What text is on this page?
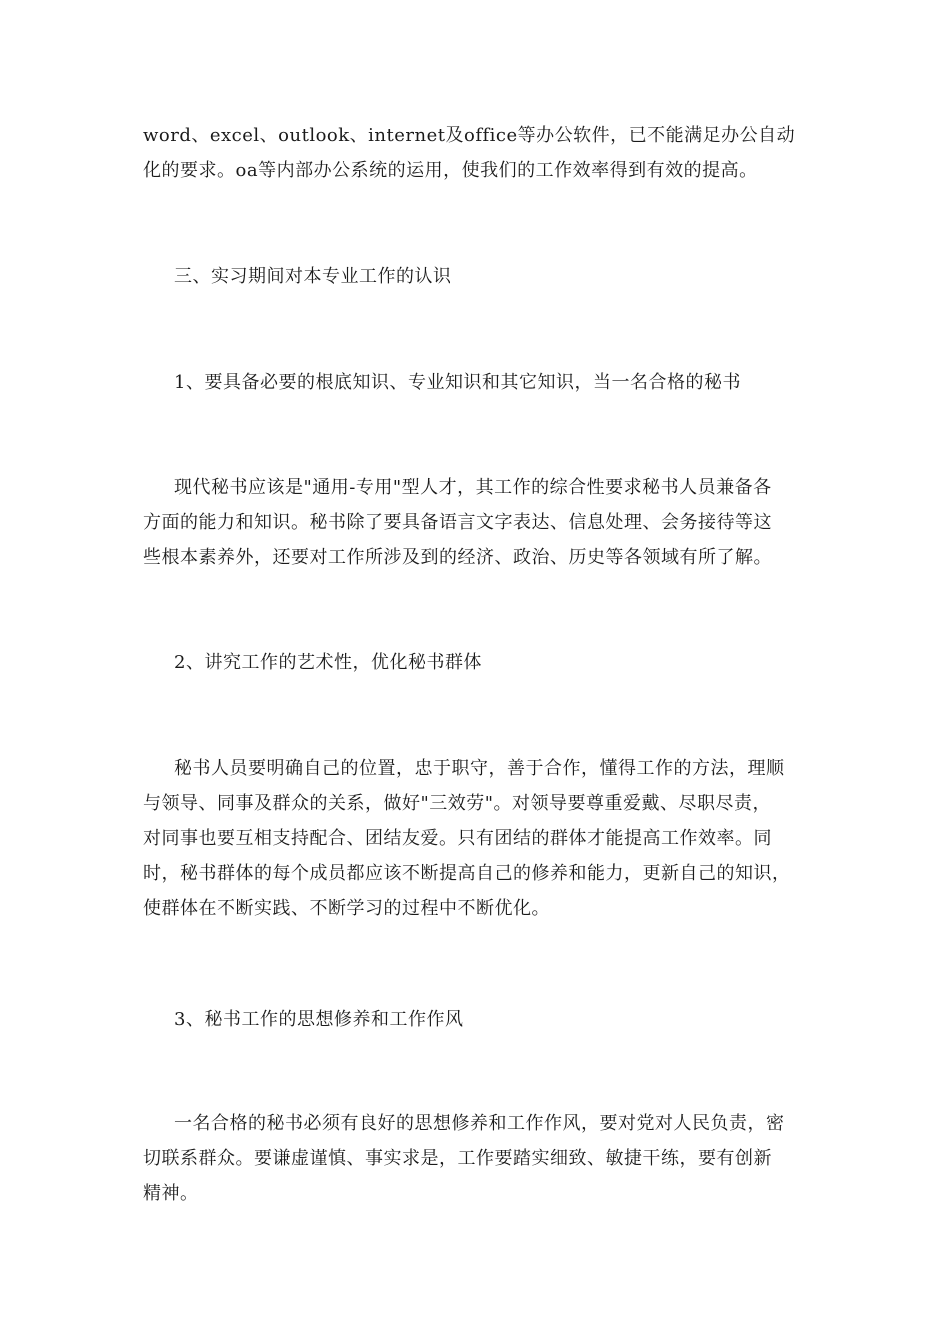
word、excel、outlook、internet及office等办公软件，已不能满足办公自动
化的要求。oa等内部办公系统的运用，使我们的工作效率得到有效的提高。
三、实习期间对本专业工作的认识
1、要具备必要的根底知识、专业知识和其它知识，当一名合格的秘书
现代秘书应该是"通用-专用"型人才，其工作的综合性要求秘书人员兼备各
方面的能力和知识。秘书除了要具备语言文字表达、信息处理、会务接待等这
些根本素养外，还要对工作所涉及到的经济、政治、历史等各领域有所了解。
2、讲究工作的艺术性，优化秘书群体
秘书人员要明确自己的位置，忠于职守，善于合作，懂得工作的方法，理顺
与领导、同事及群众的关系，做好"三效劳"。对领导要尊重爱戴、尽职尽责，
对同事也要互相支持配合、团结友爱。只有团结的群体才能提高工作效率。同
时，秘书群体的每个成员都应该不断提高自己的修养和能力，更新自己的知识，
使群体在不断实践、不断学习的过程中不断优化。
3、秘书工作的思想修养和工作作风
一名合格的秘书必须有良好的思想修养和工作作风，要对党对人民负责，密
切联系群众。要谦虚谨慎、事实求是，工作要踏实细致、敏捷干练，要有创新
精神。
